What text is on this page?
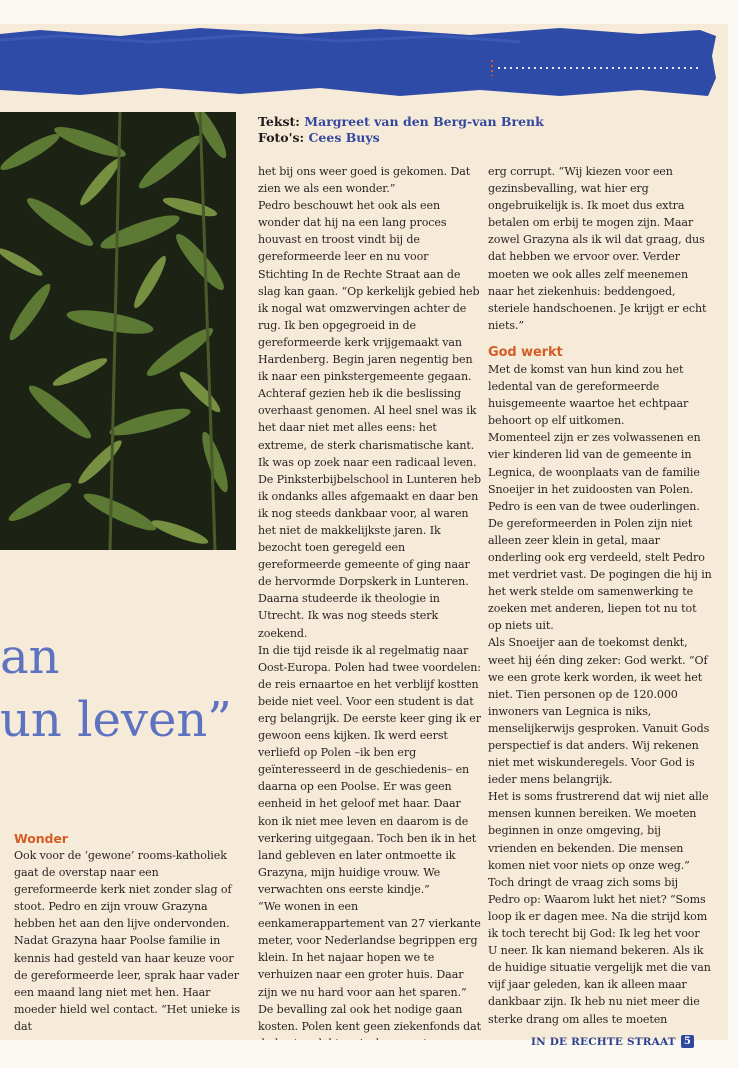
Tekst: Margreet van den Berg-van Brenk
Foto's: Cees Buys
an
un leven”

Wonder

Ook voor de ‘gewone’ rooms-katholiek gaat de overstap naar een gereformeerde kerk niet zonder slag of stoot. Pedro en zijn vrouw Grazyna hebben het aan den lijve ondervonden. Nadat Grazyna haar Poolse familie in kennis had gesteld van haar keuze voor de gereformeerde leer, sprak haar vader een maand lang niet met hen. Haar moeder hield wel contact. “Het unieke is dat

het bij ons weer goed is gekomen. Dat zien we als een wonder.”

Pedro beschouwt het ook als een wonder dat hij na een lang proces houvast en troost vindt bij de gereformeerde leer en nu voor Stichting In de Rechte Straat aan de slag kan gaan. “Op kerkelijk gebied heb ik nogal wat omzwervingen achter de rug. Ik ben opgegroeid in de gereformeerde kerk vrijgemaakt van Hardenberg. Begin jaren negentig ben ik naar een pinkstergemeente gegaan. Achteraf gezien heb ik die beslissing overhaast genomen. Al heel snel was ik het daar niet met alles eens: het extreme, de sterk charismatische kant. Ik was op zoek naar een radicaal leven. De Pinksterbijbelschool in Lunteren heb ik ondanks alles afgemaakt en daar ben ik nog steeds dankbaar voor, al waren het niet de makkelijkste jaren. Ik bezocht toen geregeld een gereformeerde gemeente of ging naar de hervormde Dorpskerk in Lunteren. Daarna studeerde ik theologie in Utrecht. Ik was nog steeds sterk zoekend.

In die tijd reisde ik al regelmatig naar Oost-Europa. Polen had twee voordelen: de reis ernaartoe en het verblijf kostten beide niet veel. Voor een student is dat erg belangrijk. De eerste keer ging ik er gewoon eens kijken. Ik werd eerst verliefd op Polen –ik ben erg geïnteresseerd in de geschiedenis– en daarna op een Poolse. Er was geen eenheid in het geloof met haar. Daar kon ik niet mee leven en daarom is de verkering uitgegaan. Toch ben ik in het land gebleven en later ontmoette ik Grazyna, mijn huidige vrouw. We verwachten ons eerste kindje.”

“We wonen in een eenkamerappartement van 27 vierkante meter, voor Nederlandse begrippen erg klein. In het najaar hopen we te verhuizen naar een groter huis. Daar zijn we nu hard voor aan het sparen.” De bevalling zal ook het nodige gaan kosten. Polen kent geen ziekenfonds dat

erg corrupt. “Wij kiezen voor een gezinsbevalling, wat hier erg ongebruikelijk is. Ik moet dus extra betalen om erbij te mogen zijn. Maar zowel Grazyna als ik wil dat graag, dus dat hebben we ervoor over. Verder moeten we ook alles zelf meenemen naar het ziekenhuis: beddengoed, steriele handschoenen. Je krijgt er echt niets.”

God werkt

Met de komst van hun kind zou het ledental van de gereformeerde huisgemeente waartoe het echtpaar behoort op elf uitkomen.

Momenteel zijn er zes volwassenen en vier kinderen lid van de gemeente in Legnica, de woonplaats van de familie Snoeijer in het zuidoosten van Polen. Pedro is een van de twee ouderlingen.

De gereformeerden in Polen zijn niet alleen zeer klein in getal, maar onderling ook erg verdeeld, stelt Pedro met verdriet vast. De pogingen die hij in het werk stelde om samenwerking te zoeken met anderen, liepen tot nu tot op niets uit.

Als Snoeijer aan de toekomst denkt, weet hij één ding zeker: God werkt. “Of we een grote kerk worden, ik weet het niet. Tien personen op de 120.000 inwoners van Legnica is niks, menselijkerwijs gesproken. Vanuit Gods perspectief is dat anders. Wij rekenen niet met wiskunderegels. Voor God is ieder mens belangrijk.

Het is soms frustrerend dat wij niet alle mensen kunnen bereiken. We moeten beginnen in onze omgeving, bij vrienden en bekenden. Die mensen komen niet voor niets op onze weg.” Toch dringt de vraag zich soms bij Pedro op: Waarom lukt het niet? “Soms loop ik er dagen mee. Na die strijd kom ik toch terecht bij God: Ik leg het voor U neer. Ik kan niemand bekeren. Als ik de huidige situatie vergelijk met die van vijf jaar geleden, kan ik alleen maar dankbaar zijn. Ik heb nu niet meer die sterke drang om alles te moeten

IN DE RECHTE STRAAT 5
